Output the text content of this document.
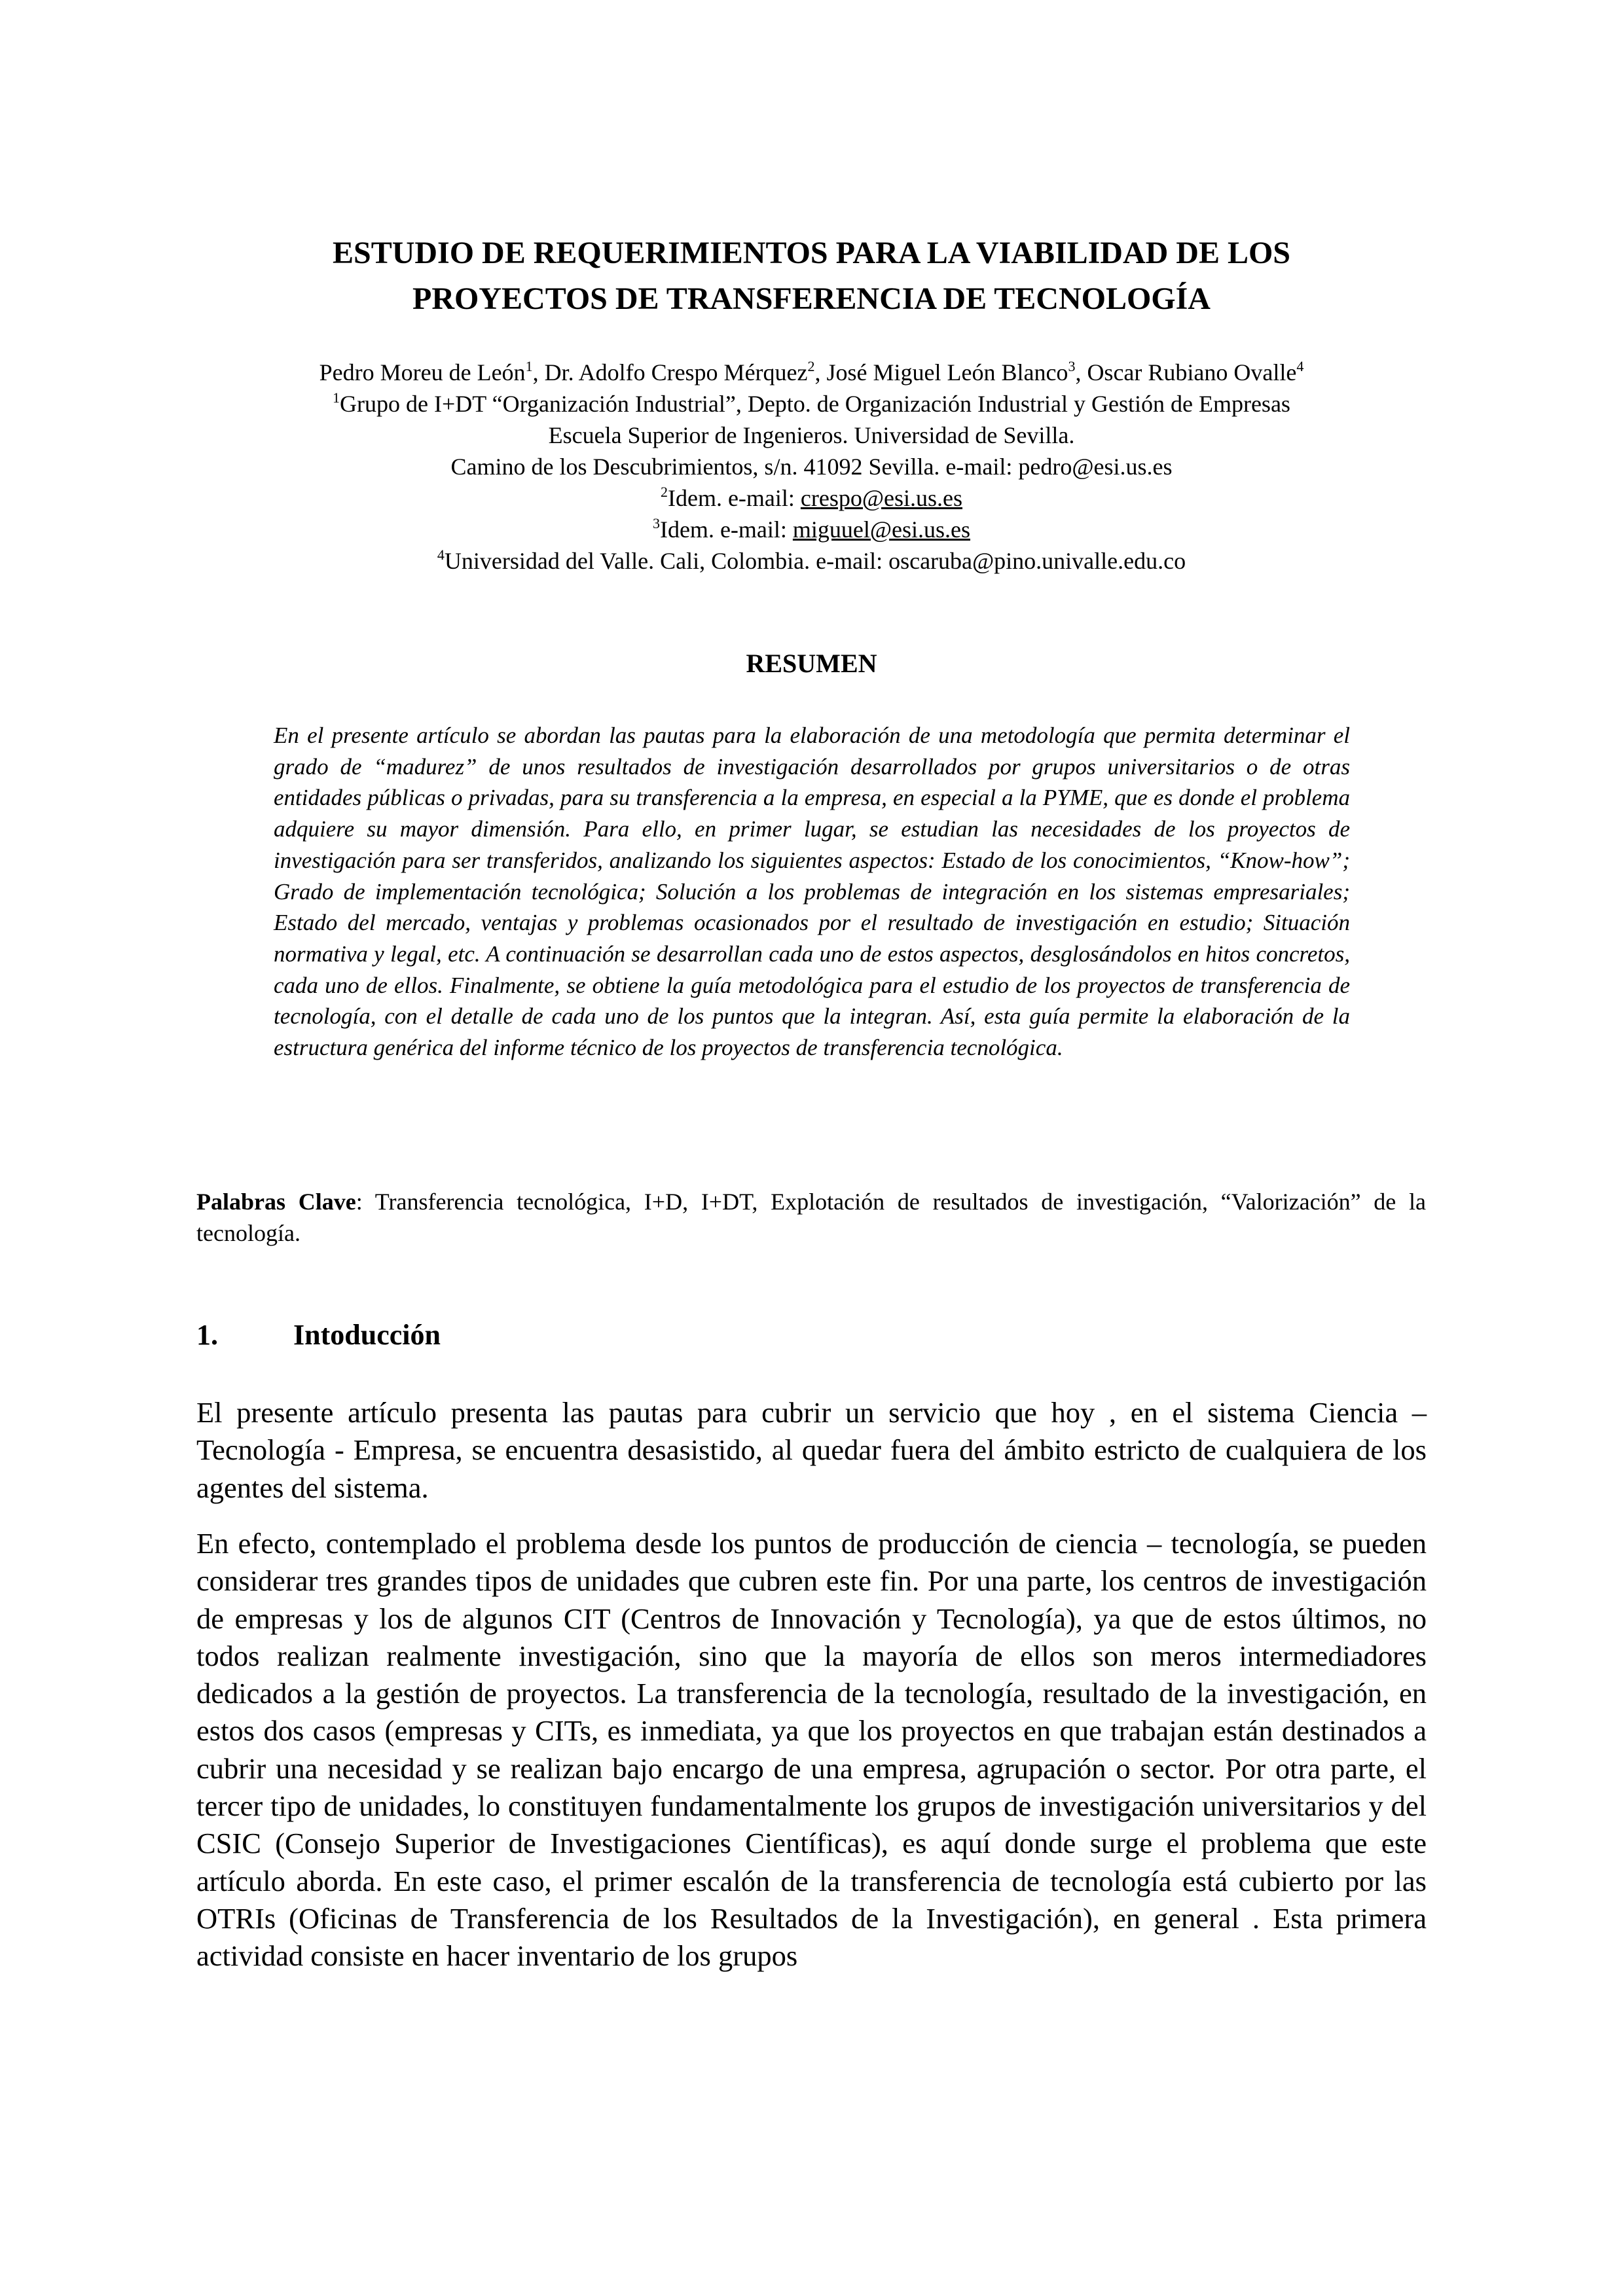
ESTUDIO DE REQUERIMIENTOS PARA LA VIABILIDAD DE LOS
PROYECTOS DE TRANSFERENCIA DE TECNOLOGÍA
Pedro Moreu de León$^1$, Dr. Adolfo Crespo Mérquez$^2$, José Miguel León Blanco$^3$, Oscar Rubiano Ovalle$^4$
$^1$Grupo de I+DT “Organización Industrial”, Depto. de Organización Industrial y Gestión de Empresas
Escuela Superior de Ingenieros. Universidad de Sevilla.
Camino de los Descubrimientos, s/n. 41092 Sevilla. e-mail: pedro@esi.us.es
$^2$Idem. e-mail: crespo@esi.us.es
$^3$Idem. e-mail: miguuel@esi.us.es
$^4$Universidad del Valle. Cali, Colombia. e-mail: oscaruba@pino.univalle.edu.co
RESUMEN
En el presente artículo se abordan las pautas para la elaboración de una metodología que permita determinar el grado de “madurez” de unos resultados de investigación desarrollados por grupos universitarios o de otras entidades públicas o privadas, para su transferencia a la empresa, en especial a la PYME, que es donde el problema adquiere su mayor dimensión. Para ello, en primer lugar, se estudian las necesidades de los proyectos de investigación para ser transferidos, analizando los siguientes aspectos: Estado de los conocimientos, “Know-how”; Grado de implementación tecnológica; Solución a los problemas de integración en los sistemas empresariales; Estado del mercado, ventajas y problemas ocasionados por el resultado de investigación en estudio; Situación normativa y legal, etc. A continuación se desarrollan cada uno de estos aspectos, desglosándolos en hitos concretos, cada uno de ellos. Finalmente, se obtiene la guía metodológica para el estudio de los proyectos de transferencia de tecnología, con el detalle de cada uno de los puntos que la integran. Así, esta guía permite la elaboración de la estructura genérica del informe técnico de los proyectos de transferencia tecnológica.
Palabras Clave: Transferencia tecnológica, I+D, I+DT, Explotación de resultados de investigación, “Valorización” de la tecnología.
1.	Intoducción
El presente artículo presenta las pautas para cubrir un servicio que hoy , en el sistema Ciencia – Tecnología - Empresa, se encuentra desasistido, al quedar fuera del ámbito estricto de cualquiera de los agentes del sistema.
En efecto, contemplado el problema desde los puntos de producción de ciencia – tecnología, se pueden considerar tres grandes tipos de unidades que cubren este fin. Por una parte, los centros de investigación de empresas y los de algunos CIT (Centros de Innovación y Tecnología), ya que de estos últimos, no todos realizan realmente investigación, sino que la mayoría de ellos son meros intermediadores dedicados a la gestión de proyectos. La transferencia de la tecnología, resultado de la investigación, en estos dos casos (empresas y CITs, es inmediata, ya que los proyectos en que trabajan están destinados a cubrir una necesidad y se realizan bajo encargo de una empresa, agrupación o sector. Por otra parte, el tercer tipo de unidades, lo constituyen fundamentalmente los grupos de investigación universitarios y del CSIC (Consejo Superior de Investigaciones Científicas), es aquí donde surge el problema que este artículo aborda. En este caso, el primer escalón de la transferencia de tecnología está cubierto por las OTRIs (Oficinas de Transferencia de los Resultados de la Investigación), en general . Esta primera actividad consiste en hacer inventario de los grupos
